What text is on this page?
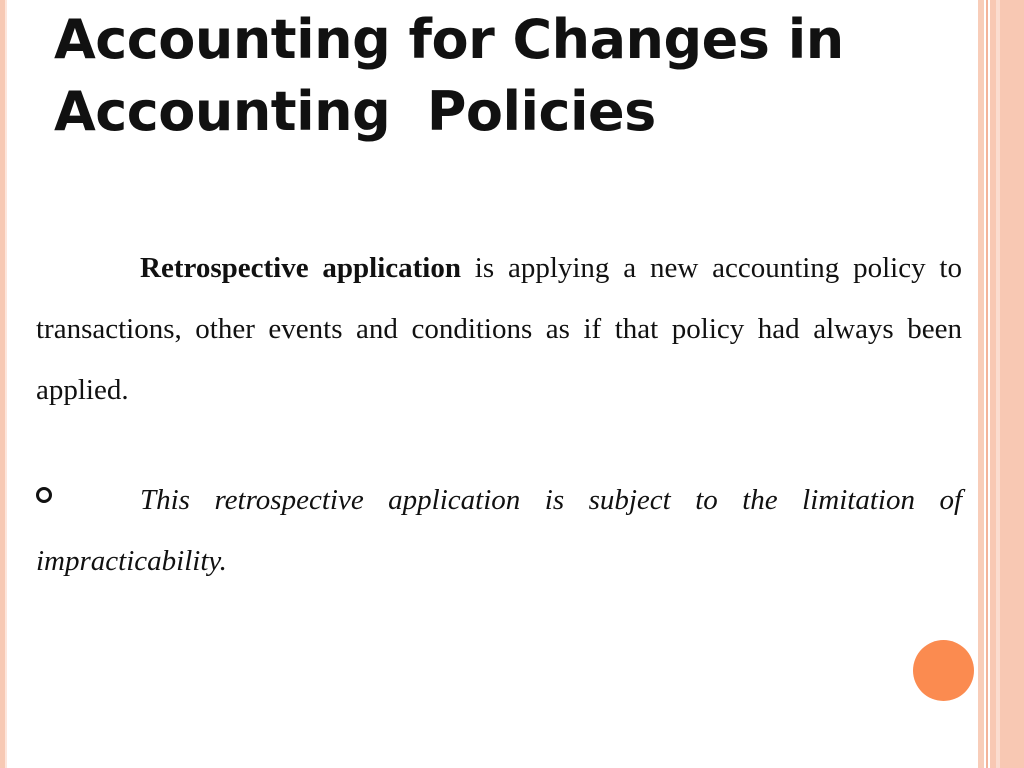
Accounting for Changes in
Accounting  Policies

Retrospective application is applying a new accounting policy to transactions, other events and conditions as if that policy had always been applied.

This retrospective application is subject to the limitation of impracticability.
